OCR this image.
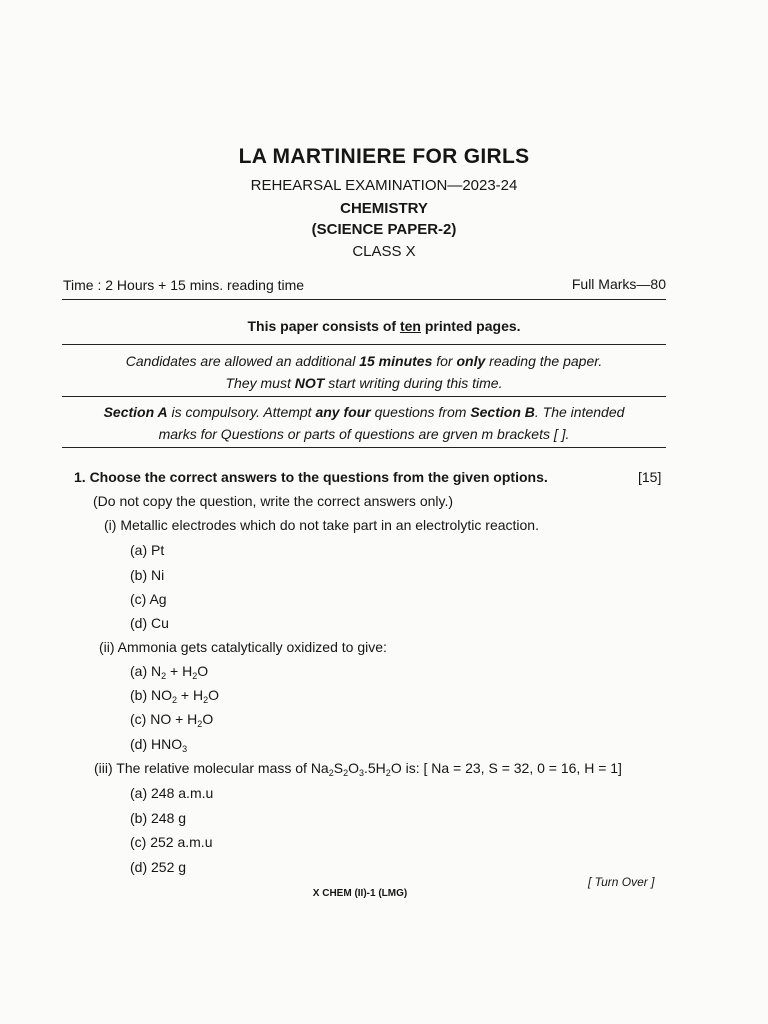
LA MARTINIERE FOR GIRLS
REHEARSAL EXAMINATION—2023-24
CHEMISTRY
(SCIENCE PAPER-2)
CLASS X
Time : 2 Hours + 15 mins. reading time	Full Marks—80
This paper consists of ten printed pages.
Candidates are allowed an additional 15 minutes for only reading the paper.
They must NOT start writing during this time.
Section A is compulsory. Attempt any four questions from Section B. The intended
marks for Questions or parts of questions are grven m brackets [ ].
1. Choose the correct answers to the questions from the given options.	[15]
(Do not copy the question, write the correct answers only.)
(i) Metallic electrodes which do not take part in an electrolytic reaction.
(a) Pt
(b) Ni
(c) Ag
(d) Cu
(ii) Ammonia gets catalytically oxidized to give:
(a) $N_2 + H_2O$
(b) $NO_2 + H_2O$
(c) NO + $H_2O$
(d) $HNO_3$
(iii) The relative molecular mass of $Na_2S_2O_3.5H_2O$ is: [ Na = 23, S = 32, 0 = 16, H = 1]
(a) 248 a.m.u
(b) 248 g
(c) 252 a.m.u
(d) 252 g
[ Turn Over ]
X CHEM (II)-1 (LMG)
